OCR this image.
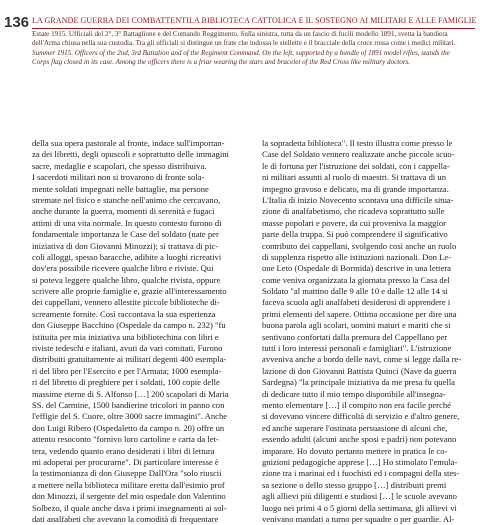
136 LA GRANDE GUERRA DEI COMBATTENTI LA BIBLIOTECA CATTOLICA E IL SOSTEGNO AI MILITARI E ALLE FAMIGLIE
Estate 1915. Ufficiali del 2°, 3° Battaglione e del Comando Reggimento. Sulla sinistra, tutta da un fascio di fucili modello 1891, svetta la bandiera
dell'Arma chiusa nella sua custodia. Tra gli ufficiali si distingue un frate che indossa le stellette e il bracciale della croce rossa come i medici militari.
Summer 1915. Officers of the 2nd, 3rd Battalion and of the Regiment Command. On the left, supported by a bundle of 1891 model rifles, stands the
Corps flag closed in its case. Among the officers there is a friar wearing the stars and bracelet of the Red Cross like military doctors.
della sua opera pastorale al fronte, indace sull'importan-
za dei libretti, degli opuscoli e soprattutto delle immagini
sacre, medaglie e scapolari, che spesso distribuiva.
I sacerdoti militari non si trovarono di fronte sola-
mente soldati impegnati nelle battaglie, ma persone
stremate nel fisico e stanche nell'animo che cercavano,
anche durante la guerra, momenti di serenità e fugaci
attimi di una vita normale. In questo contesto furono di
fondamentale importanza le Case del soldato (nate per
iniziativa di don Giovanni Minozzi); si trattava di pic-
coli alloggi, spesso baracche, adibite a luoghi ricreativi
dov'era possibile ricevere qualche libro e riviste. Qui
si poteva leggere qualche libro, qualche rivista, oppure
scrivere alle proprie famiglie e, grazie all'interessamento
dei cappellani, vennero allestite piccole biblioteche di-
screamente fornite. Così raccontava la sua esperienza
don Giuseppe Bacchino (Ospedale da campo n. 232) "fu
istituita per mia iniziativa una bibliotechina con libri e
riviste tedeschi e italiani, avuti da vari comitati. Furono
distribuiti gratuitamente ai militari degenti 400 esempla-
ri del libro per l'Esercito e per l'Armata; 1000 esempla-
ri del libretto di preghiere per i soldati, 100 copie delle
massime eterne di S. Alfonso […] 200 scapolari di Maria
SS. del Carmine, 1500 bandierine tricolori in panno con
l'effigie del S. Cuore, oltre 3000 sacre immagini". Anche
don Luigi Ribero (Ospedaletto da campo n. 20) offre un
attento resoconto "fornivo loro cartoline e carta da let-
tera, vedendo quanto erano desiderati i libri di lettura
mi adoperai per procurarne". Di particolare interesse è
la testimonianza di don Giuseppe Dall'Ora "solo riuscii
a mettere nella biblioteca militare eretta dall'esimio prof
don Minozzi, il sergente del mio ospedale don Valentino
Solbezo, il quale anche dava i primi insegnamenti ai sol-
dati analfabeti che avevano la comodità di frequentare
la sopradetta biblioteca". Il testo illustra come presso le
Case del Soldato vennero realizzate anche piccole scuo-
le di fortuna per l'istruzione dei soldati, con i cappella-
ni militari assunti al ruolo di maestri. Si trattava di un
impegno gravoso e delicato, ma di grande importanza.
L'Italia di inizio Novecento scontava una difficile situa-
zione di analfabetismo, che ricadeva soprattutto sulle
masse popolari e povere, da cui provenivа la maggior
parte della truppa. Si può comprendere il significativo
contributo dei cappellani, svolgendo così anche un ruolo
di supplenza rispetto alle istituzioni nazionali. Don Le-
one Leto (Ospedale di Bormida) descrive in una lettera
come veniva organizzata la giornata presso la Casa del
Soldato "al mattino dalle 9 alle 10 e dalle 12 alle 14 si
faceva scuola agli analfabeti desiderosi di apprendere i
primi elementi del sapere. Ottima occasione per dire una
buona parola agli scolari, uomini maturi e mariti che si
sentivano confortati dalla premura del Cappellano per
tutti i loro interessi personali e famigliari". L'istruzione
avveniva anche a bordo delle navi, come si legge dalla re-
lazione di don Giovanni Battista Quinci (Nave da guerra
Sardegna) "la principale iniziativa da me presa fu quella
di dedicare tutto il mio tempo disponibile all'insegna-
mento elementare […] il compito non era facile perché
si dovevano vincere difficoltà di servizio e d'altro genere,
ed anche superare l'ostinata persuasione di alcuni che,
essendo adulti (alcuni anche sposi e padri) non potevano
imparare. Ho dovuto pertanto mettere in pratica le co-
gnizioni pedagogiche apprese […] Ho stimolato l'emula-
zione tra i marinai ed i fuochisti ed i compagni della stes-
sa sezione o dello stesso gruppo […] distribuiti premi
agli allievi più diligenti e studiosi […] le scuole avevano
luogo nei primi 4 o 5 giorni della settimana, gli allievi vi
venivano mandati a turno per squadre o per guardie. Al-
